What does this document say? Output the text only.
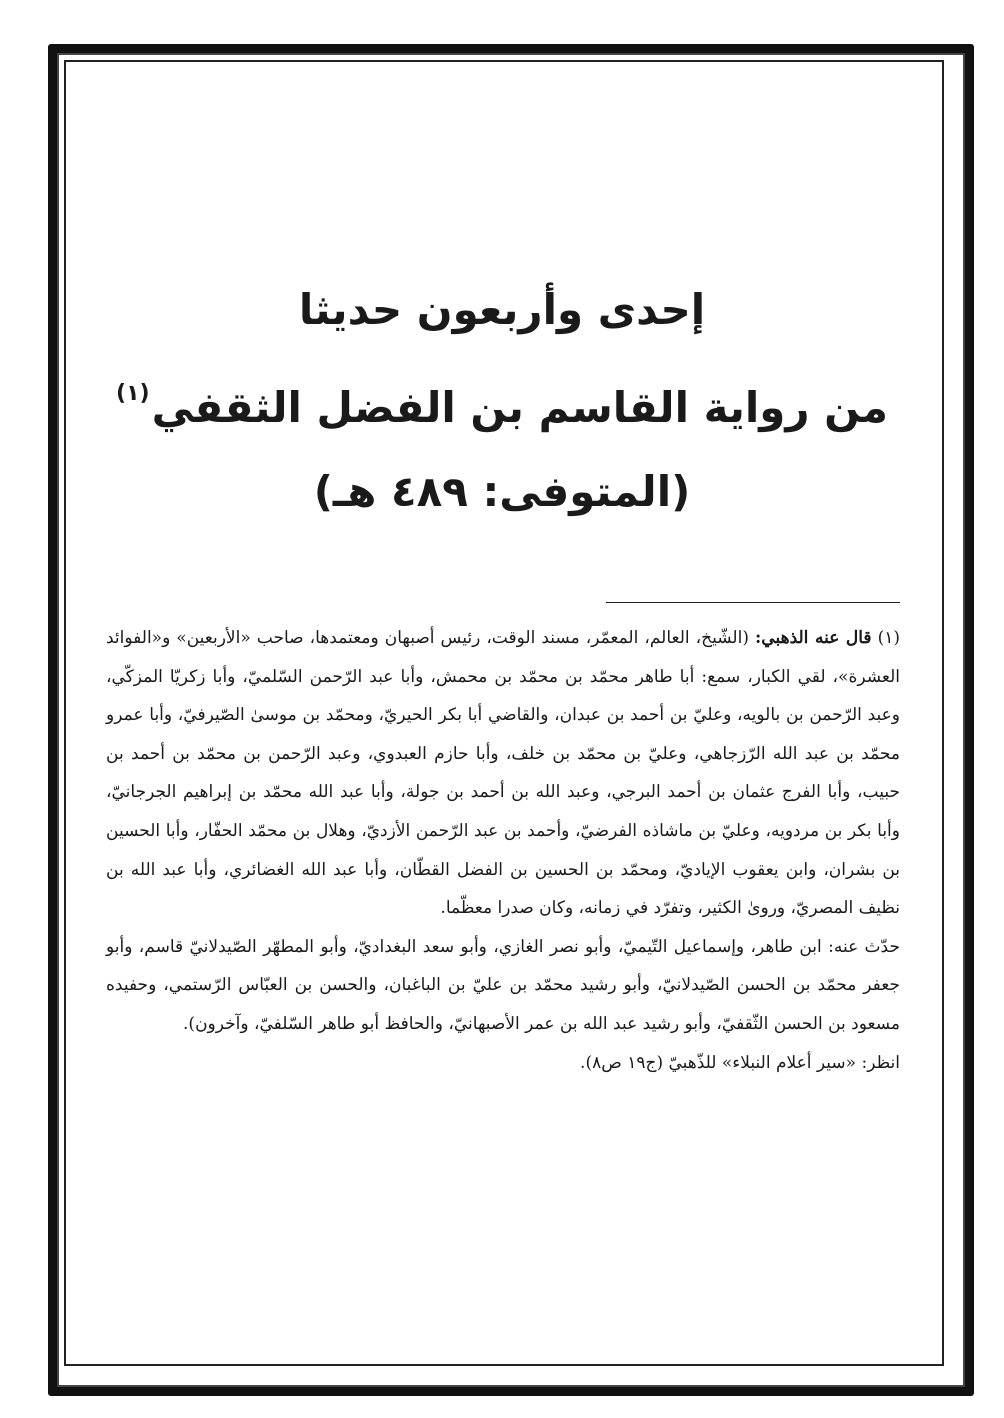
إحدى وأربعون حديثا
من رواية القاسم بن الفضل الثقفي$^{(١)}$
(المتوفى: ٤٨٩ هـ)

(١) قال عنه الذهبي: (الشّيخ، العالم، المعمّر، مسند الوقت، رئيس أصبهان ومعتمدها، صاحب «الأربعين» و«الفوائد العشرة»، لقي الكبار، سمع: أبا طاهر محمّد بن محمّد بن محمش، وأبا عبد الرّحمن السّلميّ، وأبا زكريّا المزكّي، وعبد الرّحمن بن بالويه، وعليّ بن أحمد بن عبدان، والقاضي أبا بكر الحيريّ، ومحمّد بن موسىٰ الصّيرفيّ، وأبا عمرو محمّد بن عبد الله الرّزجاهي، وعليّ بن محمّد بن خلف، وأبا حازم العبدوي، وعبد الرّحمن بن محمّد بن أحمد بن حبيب، وأبا الفرج عثمان بن أحمد البرجي، وعبد الله بن أحمد بن جولة، وأبا عبد الله محمّد بن إبراهيم الجرجانيّ، وأبا بكر بن مردويه، وعليّ بن ماشاذه الفرضيّ، وأحمد بن عبد الرّحمن الأزديّ، وهلال بن محمّد الحفّار، وأبا الحسين بن بشران، وابن يعقوب الإياديّ، ومحمّد بن الحسين بن الفضل القطّان، وأبا عبد الله الغضائري، وأبا عبد الله بن نظيف المصريّ، وروىٰ الكثير، وتفرّد في زمانه، وكان صدرا معظّما.

حدّث عنه: ابن طاهر، وإسماعيل التّيميّ، وأبو نصر الغازي، وأبو سعد البغداديّ، وأبو المطهّر الصّيدلانيّ قاسم، وأبو جعفر محمّد بن الحسن الصّيدلانيّ، وأبو رشيد محمّد بن عليّ بن الباغبان، والحسن بن العبّاس الرّستمي، وحفيده مسعود بن الحسن الثّقفيّ، وأبو رشيد عبد الله بن عمر الأصبهانيّ، والحافظ أبو طاهر السّلفيّ، وآخرون).

انظر: «سير أعلام النبلاء» للذّهبيّ (ج١٩ ص٨).
